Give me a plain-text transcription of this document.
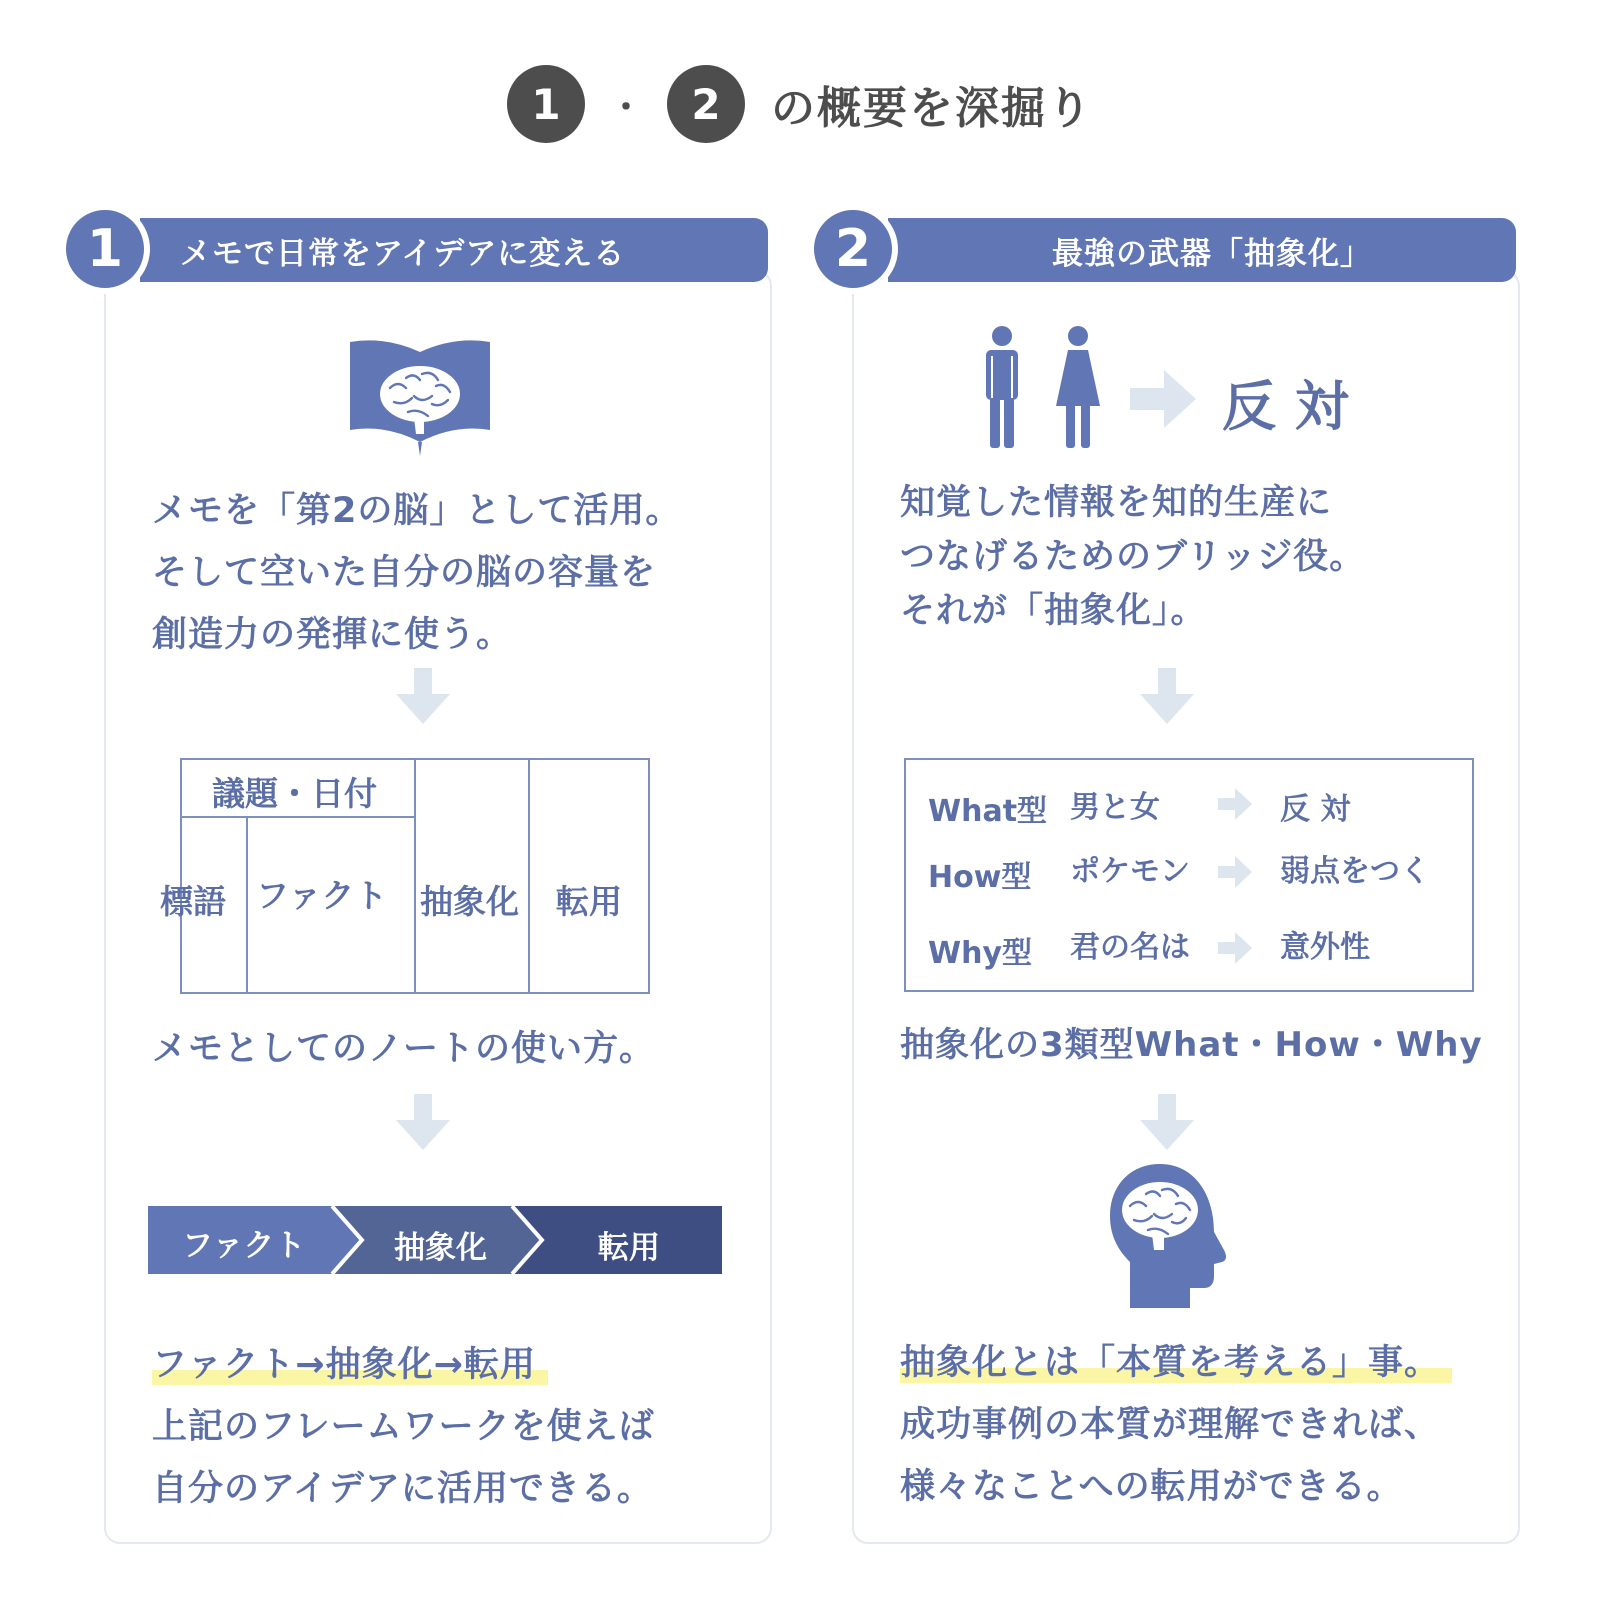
1	・	2	の概要を深掘り
メモで日常をアイデアに変える
1
メモを「第2の脳」として活用。
そして空いた自分の脳の容量を
創造力の発揮に使う。
議題・日付
標語 ファクト 抽象化 転用
メモとしてのノートの使い方。
ファクト	抽象化	転用
ファクト→抽象化→転用
上記のフレームワークを使えば
自分のアイデアに活用できる。
最強の武器「抽象化」
2
反 対
知覚した情報を知的生産に
つなげるためのブリッジ役。
それが「抽象化」。
What型 男と女	反 対
How型 ポケモン	弱点をつく
Why型 君の名は	意外性
抽象化の3類型What・How・Why
抽象化とは「本質を考える」事。
成功事例の本質が理解できれば、
様々なことへの転用ができる。
